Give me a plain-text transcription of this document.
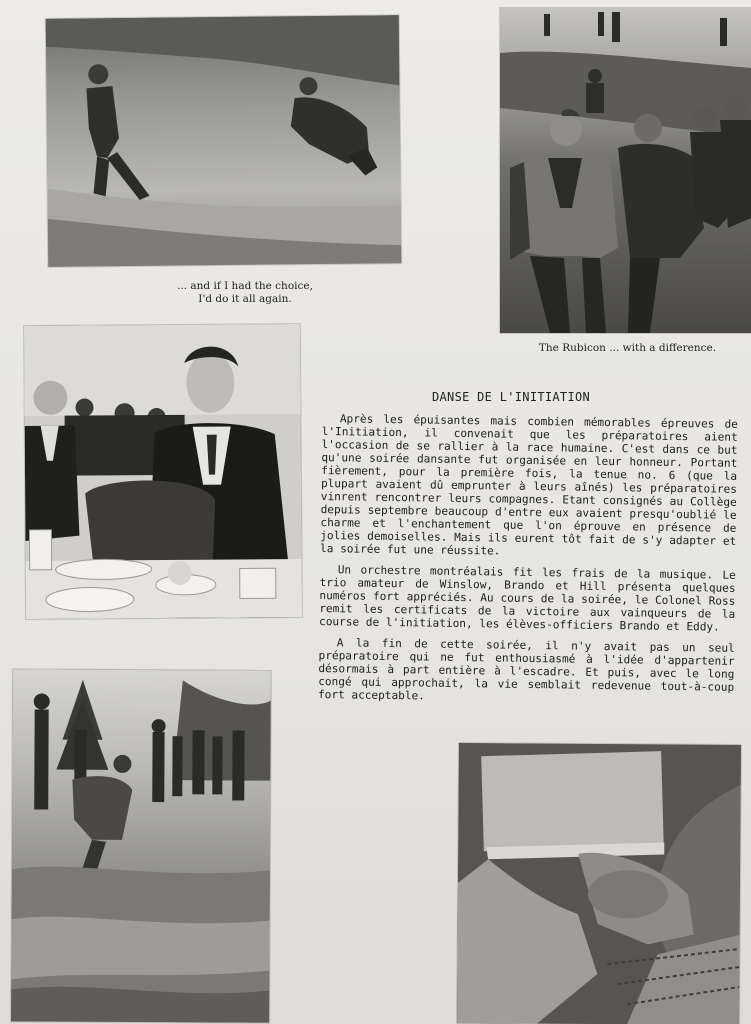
... and if I had the choice,
I'd do it all again.
The Rubicon ... with a difference.
DANSE DE L'INITIATION

Après les épuisantes mais combien mémorables épreuves de l'Initiation, il convenait que les préparatoires aient l'occasion de se rallier à la race humaine. C'est dans ce but qu'une soirée dansante fut organisée en leur honneur. Portant fièrement, pour la première fois, la tenue no. 6 (que la plupart avaient dû emprunter à leurs aînés) les préparatoires vinrent rencontrer leurs compagnes. Etant consignés au Collège depuis septembre beaucoup d'entre eux avaient presqu'oublié le charme et l'enchantement que l'on éprouve en présence de jolies demoiselles. Mais ils eurent tôt fait de s'y adapter et la soirée fut une réussite.

Un orchestre montréalais fit les frais de la musique. Le trio amateur de Winslow, Brando et Hill présenta quelques numéros fort appréciés. Au cours de la soirée, le Colonel Ross remit les certificats de la victoire aux vainqueurs de la course de l'initiation, les élèves-officiers Brando et Eddy.

A la fin de cette soirée, il n'y avait pas un seul préparatoire qui ne fut enthousiasmé à l'idée d'appartenir désormais à part entière à l'escadre. Et puis, avec le long congé qui approchait, la vie semblait redevenue tout-à-coup fort acceptable.
